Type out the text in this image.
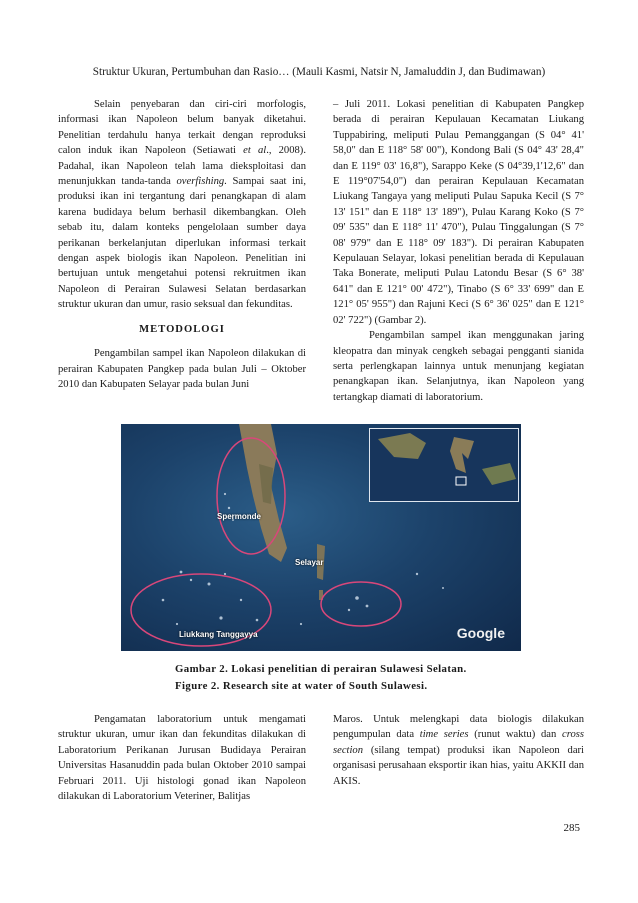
Struktur Ukuran, Pertumbuhan dan Rasio… (Mauli Kasmi, Natsir N, Jamaluddin J, dan Budimawan)

Selain penyebaran dan ciri-ciri morfologis, informasi ikan Napoleon belum banyak diketahui. Penelitian terdahulu hanya terkait dengan reproduksi calon induk ikan Napoleon (Setiawati et al., 2008). Padahal, ikan Napoleon telah lama dieksploitasi dan menunjukkan tanda-tanda overfishing. Sampai saat ini, produksi ikan ini tergantung dari penangkapan di alam karena budidaya belum berhasil dikembangkan. Oleh sebab itu, dalam konteks pengelolaan sumber daya perikanan berkelanjutan diperlukan informasi terkait dengan aspek biologis ikan Napoleon. Penelitian ini bertujuan untuk mengetahui potensi rekruitmen ikan Napoleon di Perairan Sulawesi Selatan berdasarkan struktur ukuran dan umur, rasio seksual dan fekunditas.

METODOLOGI

Pengambilan sampel ikan Napoleon dilakukan di perairan Kabupaten Pangkep pada bulan Juli – Oktober 2010 dan Kabupaten Selayar pada bulan Juni

– Juli 2011. Lokasi penelitian di Kabupaten Pangkep berada di perairan Kepulauan Kecamatan Liukang Tuppabiring, meliputi Pulau Pemanggangan (S 04° 41' 58,0" dan E 118° 58' 00"), Kondong Bali (S 04° 43' 28,4" dan E 119° 03' 16,8"), Sarappo Keke (S 04°39,1'12,6" dan E 119°07'54,0") dan perairan Kepulauan Kecamatan Liukang Tangaya yang meliputi Pulau Sapuka Kecil (S 7° 13' 151" dan E 118° 13' 189"), Pulau Karang Koko (S 7° 09' 535" dan E 118° 11' 470"), Pulau Tinggalungan (S 7° 08' 979" dan E 118° 09' 183"). Di perairan Kabupaten Kepulauan Selayar, lokasi penelitian berada di Kepulauan Taka Bonerate, meliputi Pulau Latondu Besar (S 6° 38' 641" dan E 121° 00' 472"), Tinabo (S 6° 33' 699" dan E 121° 05' 955") dan Rajuni Keci (S 6° 36' 025" dan E 121° 02' 722") (Gambar 2).

Pengambilan sampel ikan menggunakan jaring kleopatra dan minyak cengkeh sebagai pengganti sianida serta perlengkapan lainnya untuk menunjang kegiatan penangkapan ikan. Selanjutnya, ikan Napoleon yang tertangkap diamati di laboratorium.

Spermonde
Selayar
Liukkang Tanggayya	Google
Gambar 2. Lokasi penelitian di perairan Sulawesi Selatan.
Figure 2. Research site at water of South Sulawesi.

Pengamatan laboratorium untuk mengamati struktur ukuran, umur ikan dan fekunditas dilakukan di Laboratorium Perikanan Jurusan Budidaya Perairan Universitas Hasanuddin pada bulan Oktober 2010 sampai Februari 2011. Uji histologi gonad ikan Napoleon dilakukan di Laboratorium Veteriner, Balitjas

Maros. Untuk melengkapi data biologis dilakukan pengumpulan data time series (runut waktu) dan cross section (silang tempat) produksi ikan Napoleon dari organisasi perusahaan eksportir ikan hias, yaitu AKKII dan AKIS.

285
